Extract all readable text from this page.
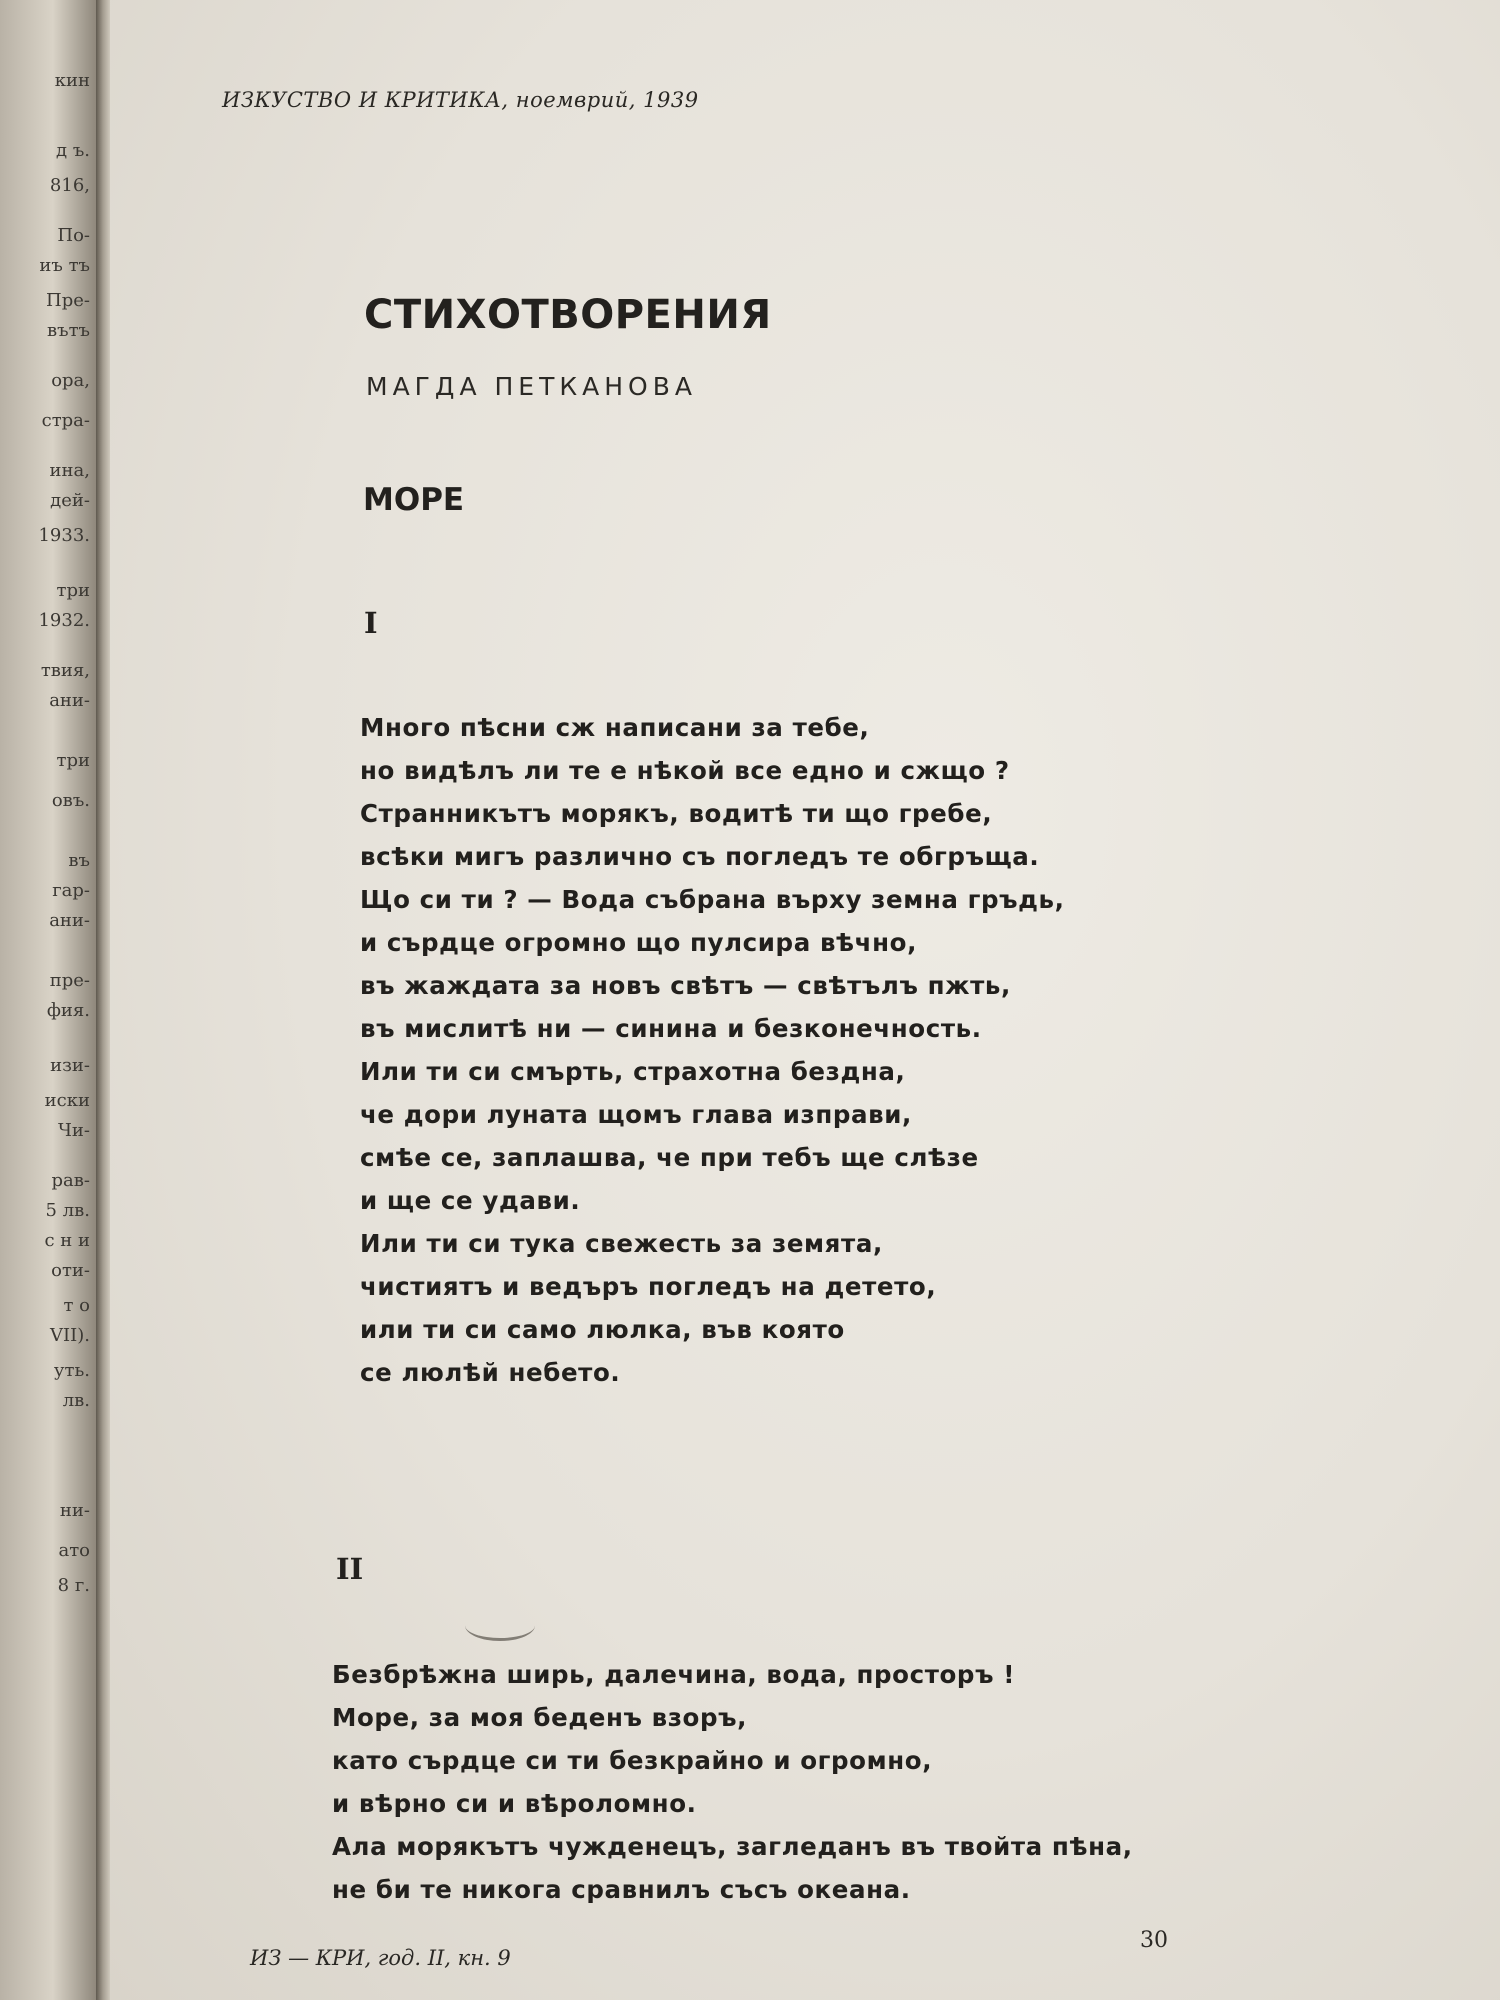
кин
д ъ.
816,
По-
иъ тъ
Пре-
вътъ
ора,
стра-
ина,
дей-
1933.
три
1932.
твия,
ани-
три
овъ.
въ
гар-
ани-
пре-
фия.
изи-
иски
Чи-
рав-
5 лв.
с н и
оти-
т о
VII).
уть.
лв.
ни-
ато
8 г.
ИЗКУСТВО И КРИТИКА, ноемврий, 1939
СТИХОТВОРЕНИЯ
МАГДА ПЕТКАНОВА
МОРЕ
I
Много пѣсни сж написани за тебе,
но видѣлъ ли те е нѣкой все едно и сжщо ?
Странникътъ морякъ, водитѣ ти що гребе,
всѣки мигъ различно съ погледъ те обгръща.
Що си ти ? — Вода събрана върху земна гръдь,
и сърдце огромно що пулсира вѣчно,
въ жаждата за новъ свѣтъ — свѣтълъ пжть,
въ мислитѣ ни — синина и безконечность.
Или ти си смърть, страхотна бездна,
че дори луната щомъ глава изправи,
смѣе се, заплашва, че при тебъ ще слѣзе
и ще се удави.
Или ти си тука свежесть за земята,
чистиятъ и ведъръ погледъ на детето,
или ти си само люлка, във която
се люлѣй небето.
II
Безбрѣжна ширь, далечина, вода, просторъ !
Море, за моя беденъ взоръ,
като сърдце си ти безкрайно и огромно,
и вѣрно си и вѣроломно.
Ала морякътъ чужденецъ, загледанъ въ твойта пѣна,
не би те никога сравнилъ съсъ океана.
ИЗ — КРИ, год. II, кн. 9
30
